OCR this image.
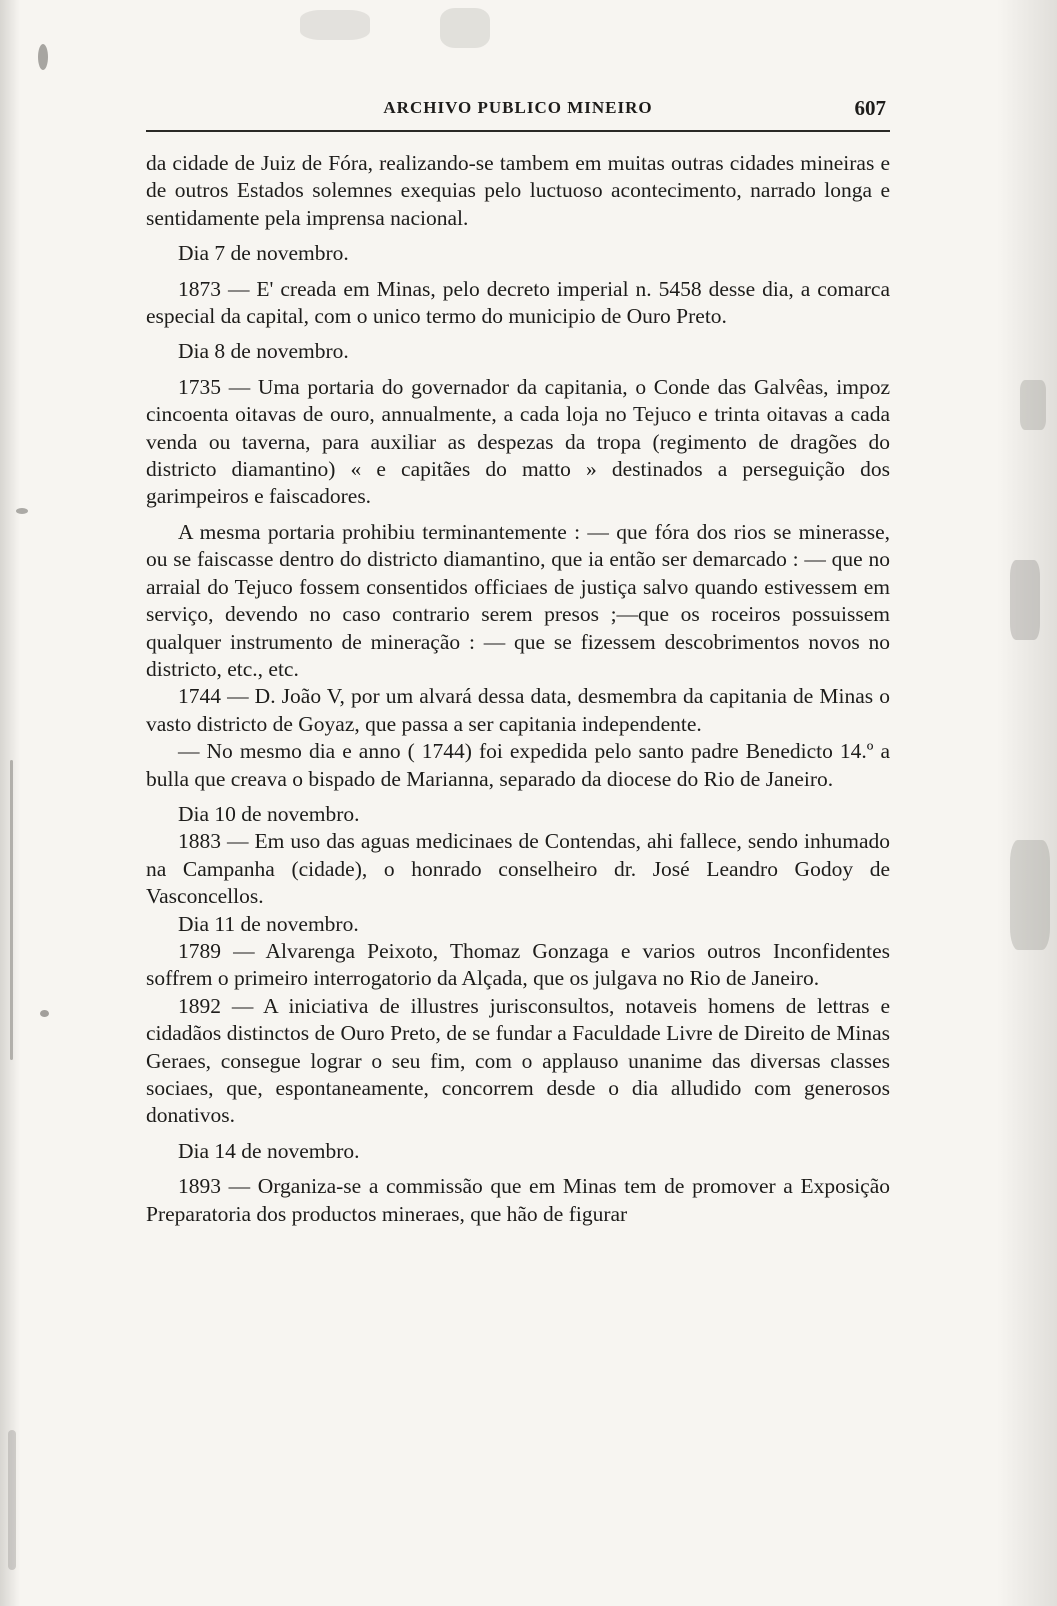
ARCHIVO PUBLICO MINEIRO	607

da cidade de Juiz de Fóra, realizando-se tambem em muitas outras cidades mineiras e de outros Estados solemnes exequias pelo luctuoso acontecimento, narrado longa e sentidamente pela imprensa nacional.

Dia 7 de novembro.

1873 — E' creada em Minas, pelo decreto imperial n. 5458 desse dia, a comarca especial da capital, com o unico termo do municipio de Ouro Preto.

Dia 8 de novembro.

1735 — Uma portaria do governador da capitania, o Conde das Galvêas, impoz cincoenta oitavas de ouro, annualmente, a cada loja no Tejuco e trinta oitavas a cada venda ou taverna, para auxiliar as despezas da tropa (regimento de dragões do districto diamantino) « e capitães do matto » destinados a perseguição dos garimpeiros e faiscadores.

A mesma portaria prohibiu terminantemente : — que fóra dos rios se minerasse, ou se faiscasse dentro do districto diamantino, que ia então ser demarcado : — que no arraial do Tejuco fossem consentidos officiaes de justiça salvo quando estivessem em serviço, devendo no caso contrario serem presos ;—que os roceiros possuissem qualquer instrumento de mineração : — que se fizessem descobrimentos novos no districto, etc., etc.

1744 — D. João V, por um alvará dessa data, desmembra da capitania de Minas o vasto districto de Goyaz, que passa a ser capitania independente.

— No mesmo dia e anno ( 1744) foi expedida pelo santo padre Benedicto 14.º a bulla que creava o bispado de Marianna, separado da diocese do Rio de Janeiro.

Dia 10 de novembro.

1883 — Em uso das aguas medicinaes de Contendas, ahi fallece, sendo inhumado na Campanha (cidade), o honrado conselheiro dr. José Leandro Godoy de Vasconcellos.

Dia 11 de novembro.

1789 — Alvarenga Peixoto, Thomaz Gonzaga e varios outros Inconfidentes soffrem o primeiro interrogatorio da Alçada, que os julgava no Rio de Janeiro.

1892 — A iniciativa de illustres jurisconsultos, notaveis homens de lettras e cidadãos distinctos de Ouro Preto, de se fundar a Faculdade Livre de Direito de Minas Geraes, consegue lograr o seu fim, com o applauso unanime das diversas classes sociaes, que, espontaneamente, concorrem desde o dia alludido com generosos donativos.

Dia 14 de novembro.

1893 — Organiza-se a commissão que em Minas tem de promover a Exposição Preparatoria dos productos mineraes, que hão de figurar
